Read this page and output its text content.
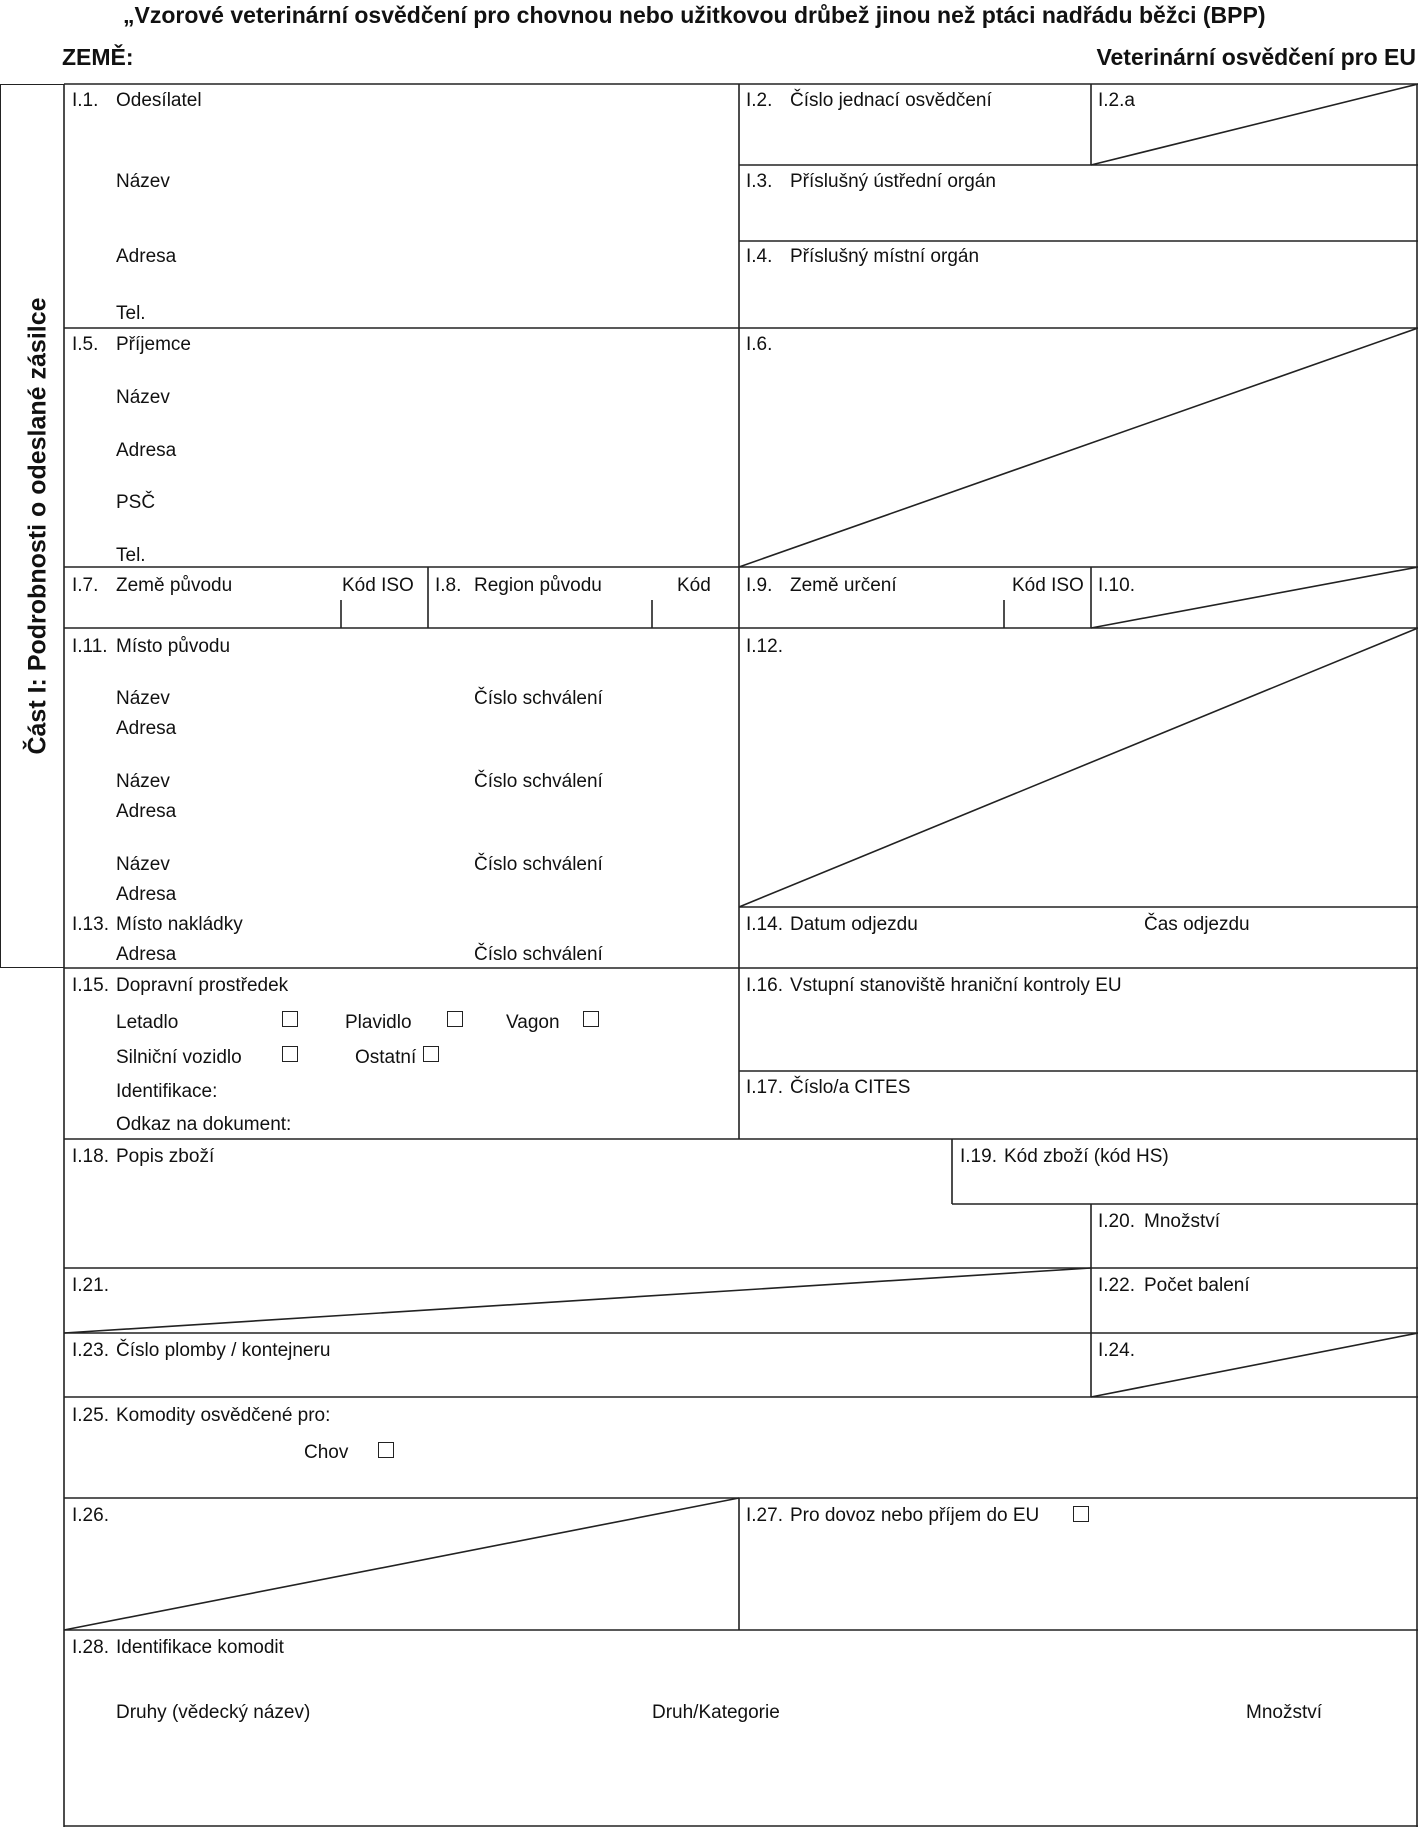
„Vzorové veterinární osvědčení pro chovnou nebo užitkovou drůbež jinou než ptáci nadřádu běžci (BPP)
ZEMĚ:	Veterinární osvědčení pro EU
Část I: Podrobnosti o odeslané zásilce
I.1. Odesílatel
Název
Adresa
Tel.
I.2. Číslo jednací osvědčení	I.2.a
I.3. Příslušný ústřední orgán
I.4. Příslušný místní orgán
I.5. Příjemce
Název
Adresa
PSČ
Tel.
I.6.
I.7. Země původu	Kód ISO I.8. Region původu	Kód I.9. Země určení	Kód ISO I.10.
I.11. Místo původu
Název	Číslo schválení
Adresa
Název	Číslo schválení
Adresa
Název	Číslo schválení
Adresa
I.12.
I.13. Místo nakládky
Adresa	Číslo schválení
I.14. Datum odjezdu	Čas odjezdu
I.15. Dopravní prostředek
Letadlo	Plavidlo	Vagon
Silniční vozidlo	Ostatní
Identifikace:
Odkaz na dokument:
I.16. Vstupní stanoviště hraniční kontroly EU
I.17. Číslo/a CITES
I.18. Popis zboží	I.19. Kód zboží (kód HS)
I.20. Množství
I.21.	I.22. Počet balení
I.23. Číslo plomby / kontejneru	I.24.
I.25. Komodity osvědčené pro:
Chov
I.26.	I.27. Pro dovoz nebo příjem do EU
I.28. Identifikace komodit
Druhy (vědecký název)	Druh/Kategorie	Množství
